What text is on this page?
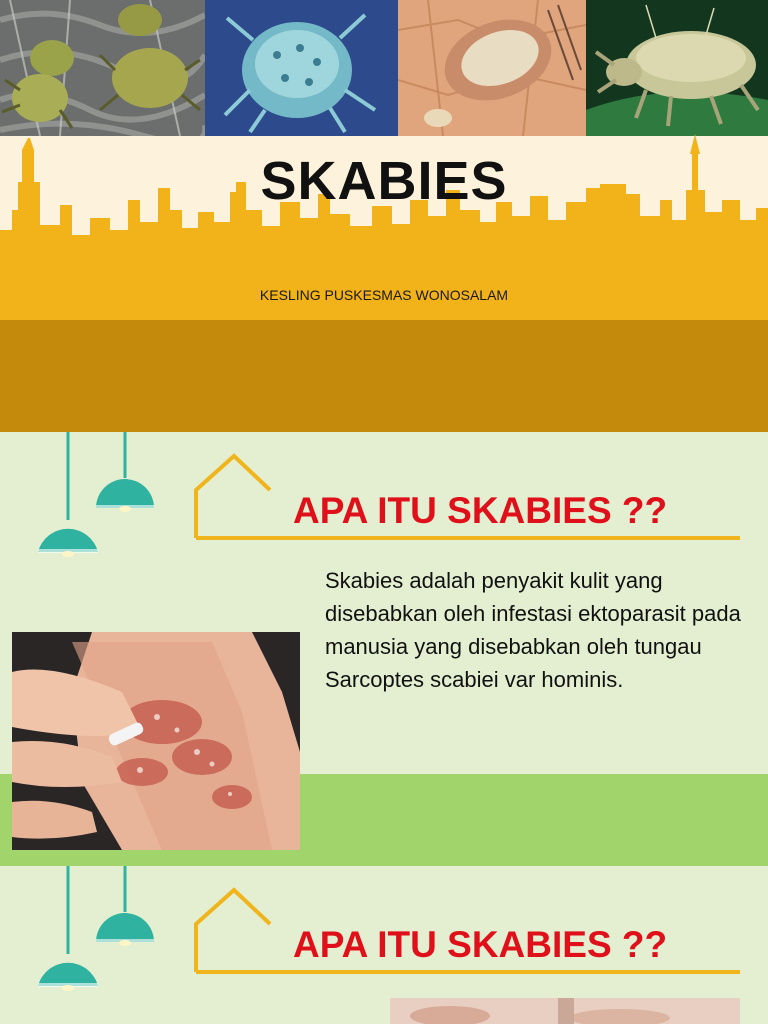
SKABIES
KESLING PUSKESMAS WONOSALAM
APA ITU SKABIES ??
Skabies adalah penyakit kulit yang disebabkan oleh infestasi ektoparasit pada manusia yang disebabkan oleh tungau Sarcoptes scabiei var hominis.
APA ITU SKABIES ??
